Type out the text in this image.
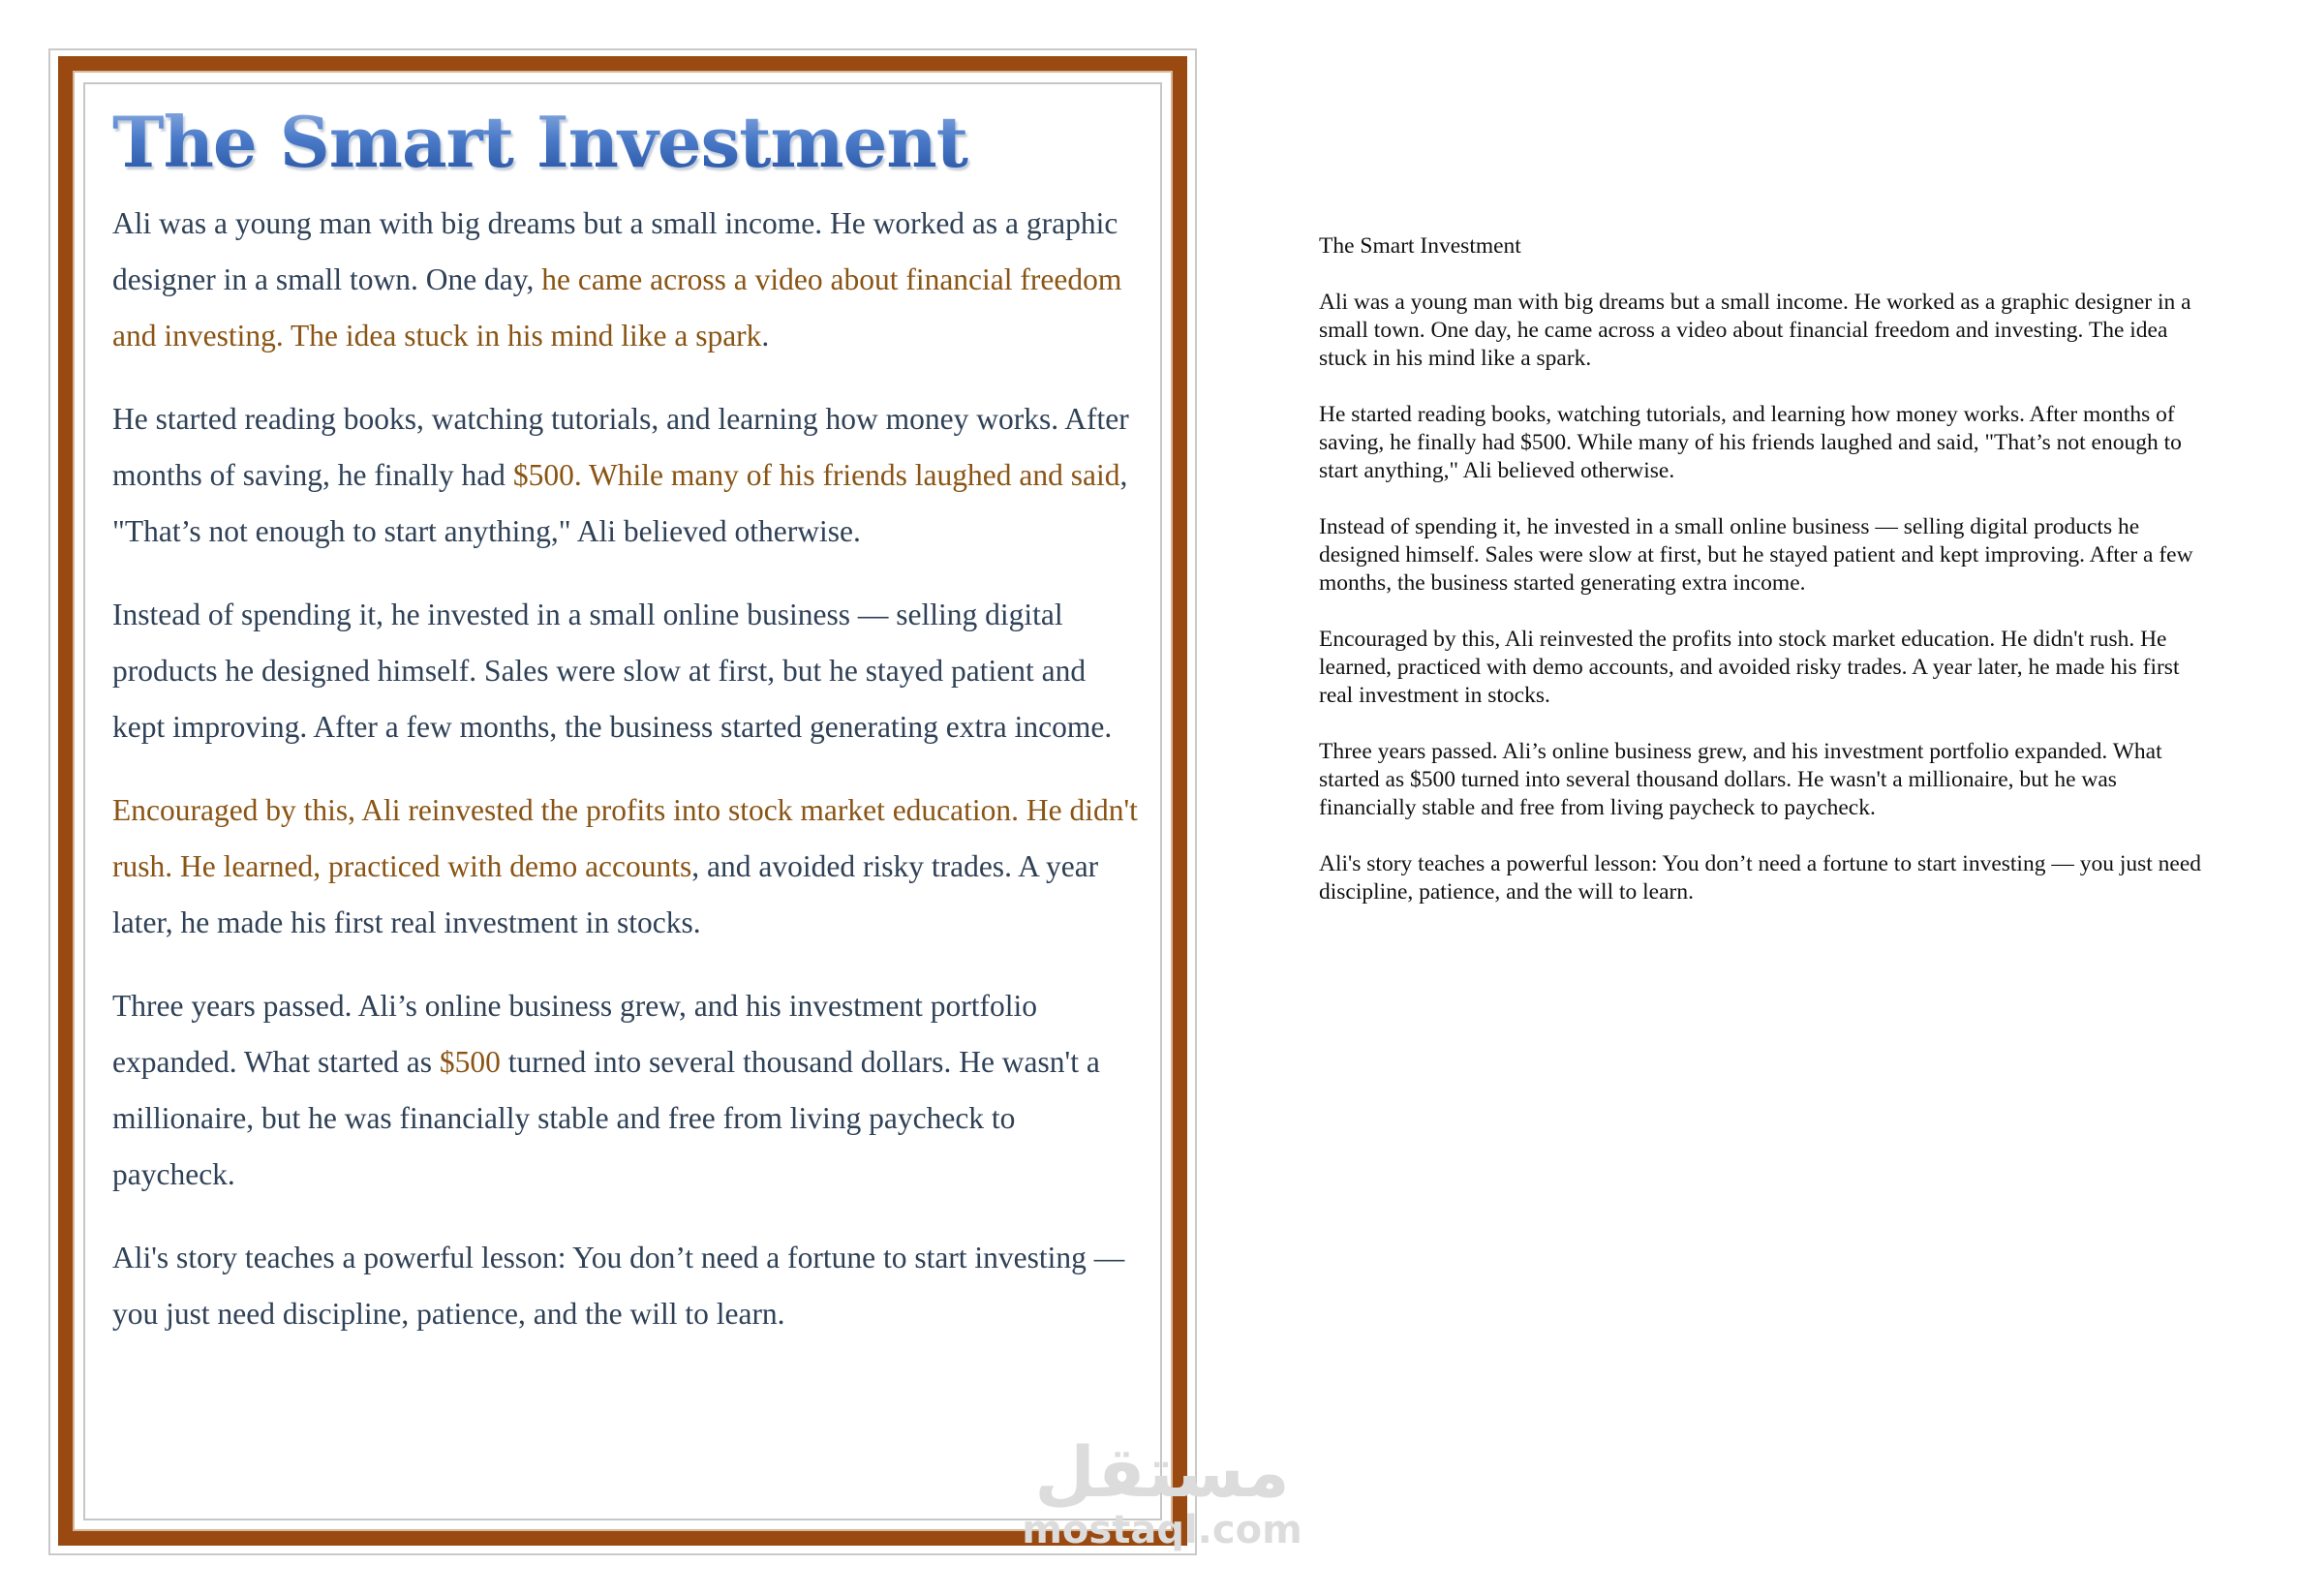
The Smart Investment

Ali was a young man with big dreams but a small income. He worked as a graphic designer in a small town. One day, he came across a video about financial freedom and investing. The idea stuck in his mind like a spark.

He started reading books, watching tutorials, and learning how money works. After months of saving, he finally had $500. While many of his friends laughed and said, "That’s not enough to start anything," Ali believed otherwise.

Instead of spending it, he invested in a small online business — selling digital products he designed himself. Sales were slow at first, but he stayed patient and kept improving. After a few months, the business started generating extra income.

Encouraged by this, Ali reinvested the profits into stock market education. He didn't rush. He learned, practiced with demo accounts, and avoided risky trades. A year later, he made his first real investment in stocks.

Three years passed. Ali’s online business grew, and his investment portfolio expanded. What started as $500 turned into several thousand dollars. He wasn't a millionaire, but he was financially stable and free from living paycheck to paycheck.

Ali's story teaches a powerful lesson: You don’t need a fortune to start investing — you just need discipline, patience, and the will to learn.

The Smart Investment

Ali was a young man with big dreams but a small income. He worked as a graphic designer in a small town. One day, he came across a video about financial freedom and investing. The idea stuck in his mind like a spark.

He started reading books, watching tutorials, and learning how money works. After months of saving, he finally had $500. While many of his friends laughed and said, "That’s not enough to start anything," Ali believed otherwise.

Instead of spending it, he invested in a small online business — selling digital products he designed himself. Sales were slow at first, but he stayed patient and kept improving. After a few months, the business started generating extra income.

Encouraged by this, Ali reinvested the profits into stock market education. He didn't rush. He learned, practiced with demo accounts, and avoided risky trades. A year later, he made his first real investment in stocks.

Three years passed. Ali’s online business grew, and his investment portfolio expanded. What started as $500 turned into several thousand dollars. He wasn't a millionaire, but he was financially stable and free from living paycheck to paycheck.

Ali's story teaches a powerful lesson: You don’t need a fortune to start investing — you just need discipline, patience, and the will to learn.

مستقل
mostaql.com
